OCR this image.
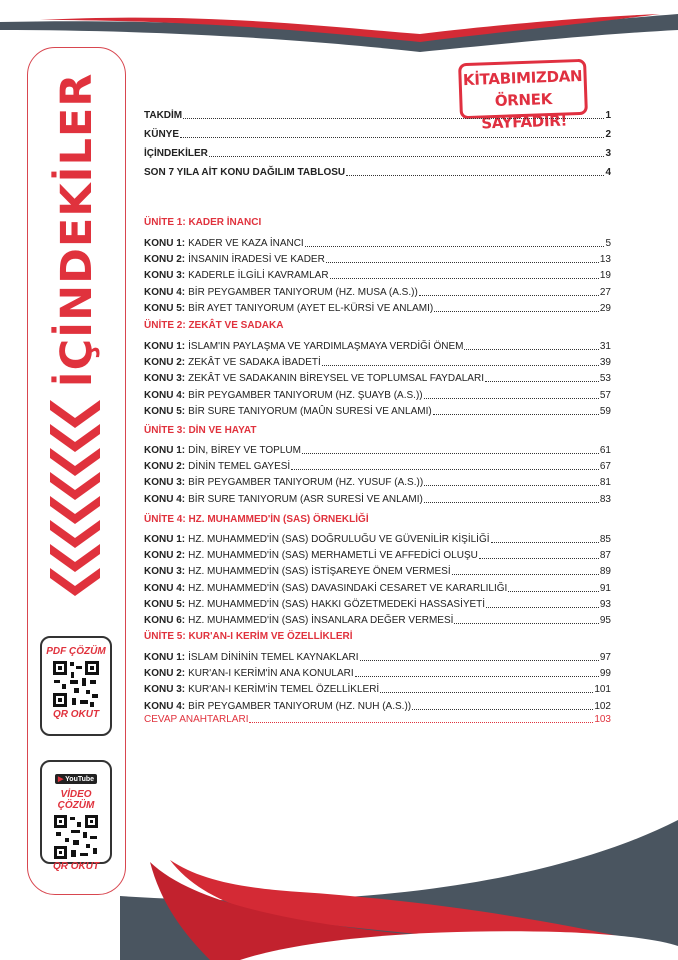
İÇİNDEKİLER
PDF ÇÖZÜM
QR OKUT
▶ YouTube
VİDEO ÇÖZÜM
QR OKUT
KİTABIMIZDAN
ÖRNEK SAYFADIR!
TAKDİM	1
KÜNYE	2
İÇİNDEKİLER	3
SON 7 YILA AİT KONU DAĞILIM TABLOSU	4
ÜNİTE 1: KADER İNANCI
KONU 1: KADER VE KAZA İNANCI	5
KONU 2: İNSANIN İRADESİ VE KADER	13
KONU 3: KADERLE İLGİLİ KAVRAMLAR	19
KONU 4: BİR PEYGAMBER TANIYORUM (HZ. MUSA (A.S.))	27
KONU 5: BİR AYET TANIYORUM (AYET EL-KÜRSİ VE ANLAMI)	29
ÜNİTE 2: ZEKÂT VE SADAKA
KONU 1: İSLAM'IN PAYLAŞMA VE YARDIMLAŞMAYA VERDİĞİ ÖNEM	31
KONU 2: ZEKÂT VE SADAKA İBADETİ	39
KONU 3: ZEKÂT VE SADAKANIN BİREYSEL VE TOPLUMSAL FAYDALARI	53
KONU 4: BİR PEYGAMBER TANIYORUM (HZ. ŞUAYB (A.S.))	57
KONU 5: BİR SURE TANIYORUM (MAÛN SURESİ VE ANLAMI)	59
ÜNİTE 3: DİN VE HAYAT
KONU 1: DİN, BİREY VE TOPLUM	61
KONU 2: DİNİN TEMEL GAYESİ	67
KONU 3: BİR PEYGAMBER TANIYORUM (HZ. YUSUF (A.S.))	81
KONU 4: BİR SURE TANIYORUM (ASR SURESİ VE ANLAMI)	83
ÜNİTE 4: HZ. MUHAMMED'İN (SAS) ÖRNEKLİĞİ
KONU 1: HZ. MUHAMMED'İN (SAS) DOĞRULUĞU VE GÜVENİLİR KİŞİLİĞİ	85
KONU 2: HZ. MUHAMMED'İN (SAS) MERHAMETLİ VE AFFEDİCİ OLUŞU	87
KONU 3: HZ. MUHAMMED'İN (SAS) İSTİŞAREYE ÖNEM VERMESİ	89
KONU 4: HZ. MUHAMMED'İN (SAS) DAVASINDAKİ CESARET VE KARARLILIĞI	91
KONU 5: HZ. MUHAMMED'İN (SAS) HAKKI GÖZETMEDEKİ HASSASİYETİ	93
KONU 6: HZ. MUHAMMED'İN (SAS) İNSANLARA DEĞER VERMESİ	95
ÜNİTE 5: KUR'AN-I KERİM VE ÖZELLİKLERİ
KONU 1: İSLAM DİNİNİN TEMEL KAYNAKLARI	97
KONU 2: KUR'AN-I KERİM'İN ANA KONULARI	99
KONU 3: KUR'AN-I KERİM'İN TEMEL ÖZELLİKLERİ	101
KONU 4: BİR PEYGAMBER TANIYORUM (HZ. NUH (A.S.))	102
CEVAP ANAHTARLARI	103
